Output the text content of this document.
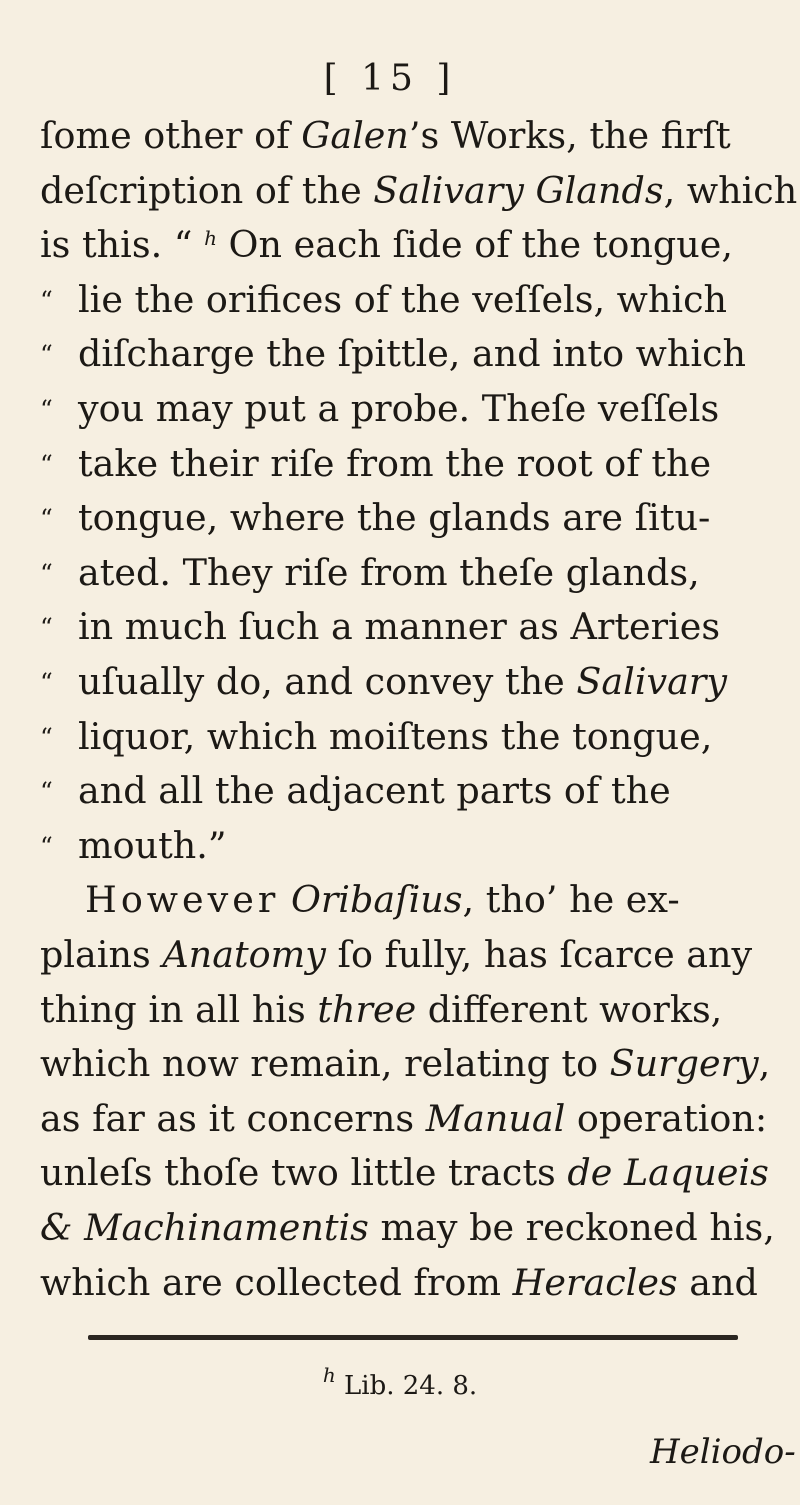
[ 15 ]
ſome other of Galen’s Works, the firſt
deſcription of the Salivary Glands, which
is this. “ $^h$ On each ſide of the tongue,
“ lie the orifices of the veſſels, which
“ diſcharge the ſpittle, and into which
“ you may put a probe. Theſe veſſels
“ take their riſe from the root of the
“ tongue, where the glands are ſitu-
“ ated. They riſe from theſe glands,
“ in much ſuch a manner as Arteries
“ uſually do, and convey the Salivary
“ liquor, which moiſtens the tongue,
“ and all the adjacent parts of the
“ mouth.”
However Oribaſius, tho’ he ex-
plains Anatomy ſo fully, has ſcarce any
thing in all his three different works,
which now remain, relating to Surgery,
as far as it concerns Manual operation:
unleſs thoſe two little tracts de Laqueis
& Machinamentis may be reckoned his,
which are collected from Heracles and
$^h$ Lib. 24. 8.
Heliodo-
